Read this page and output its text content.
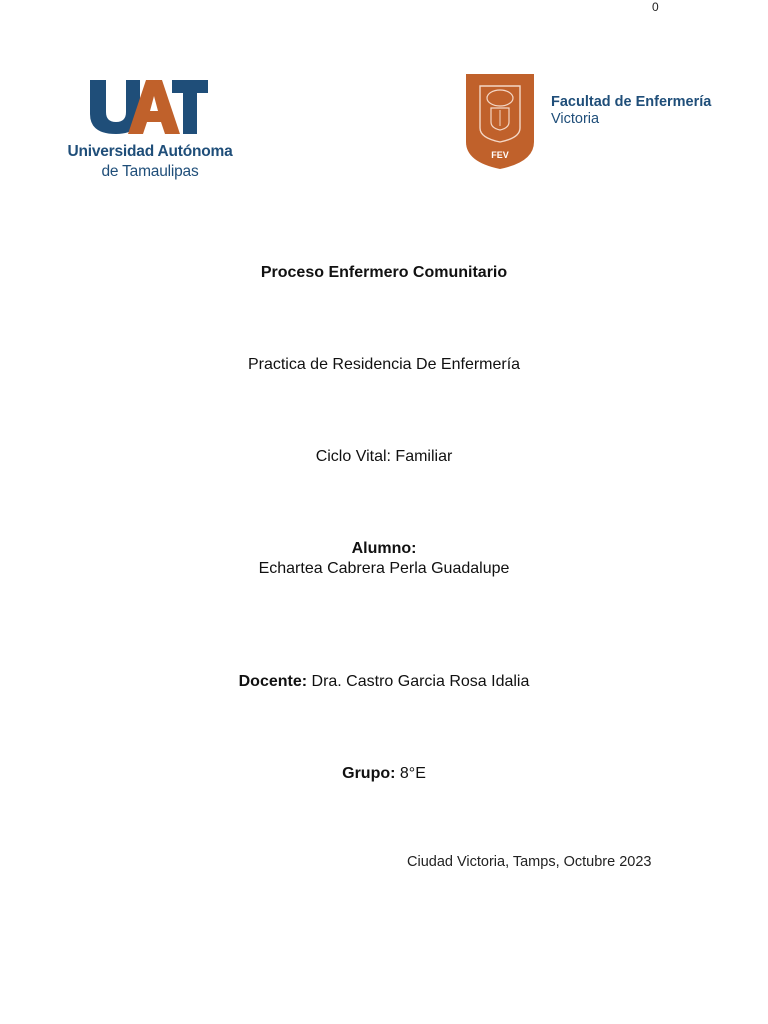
0
Universidad Autónoma
de Tamaulipas
FEV
Facultad de Enfermería
Victoria
Proceso Enfermero Comunitario
Practica de Residencia De Enfermería
Ciclo Vital: Familiar
Alumno:
Echartea Cabrera Perla Guadalupe
Docente: Dra. Castro Garcia Rosa Idalia
Grupo: 8°E
Ciudad Victoria, Tamps, Octubre 2023
